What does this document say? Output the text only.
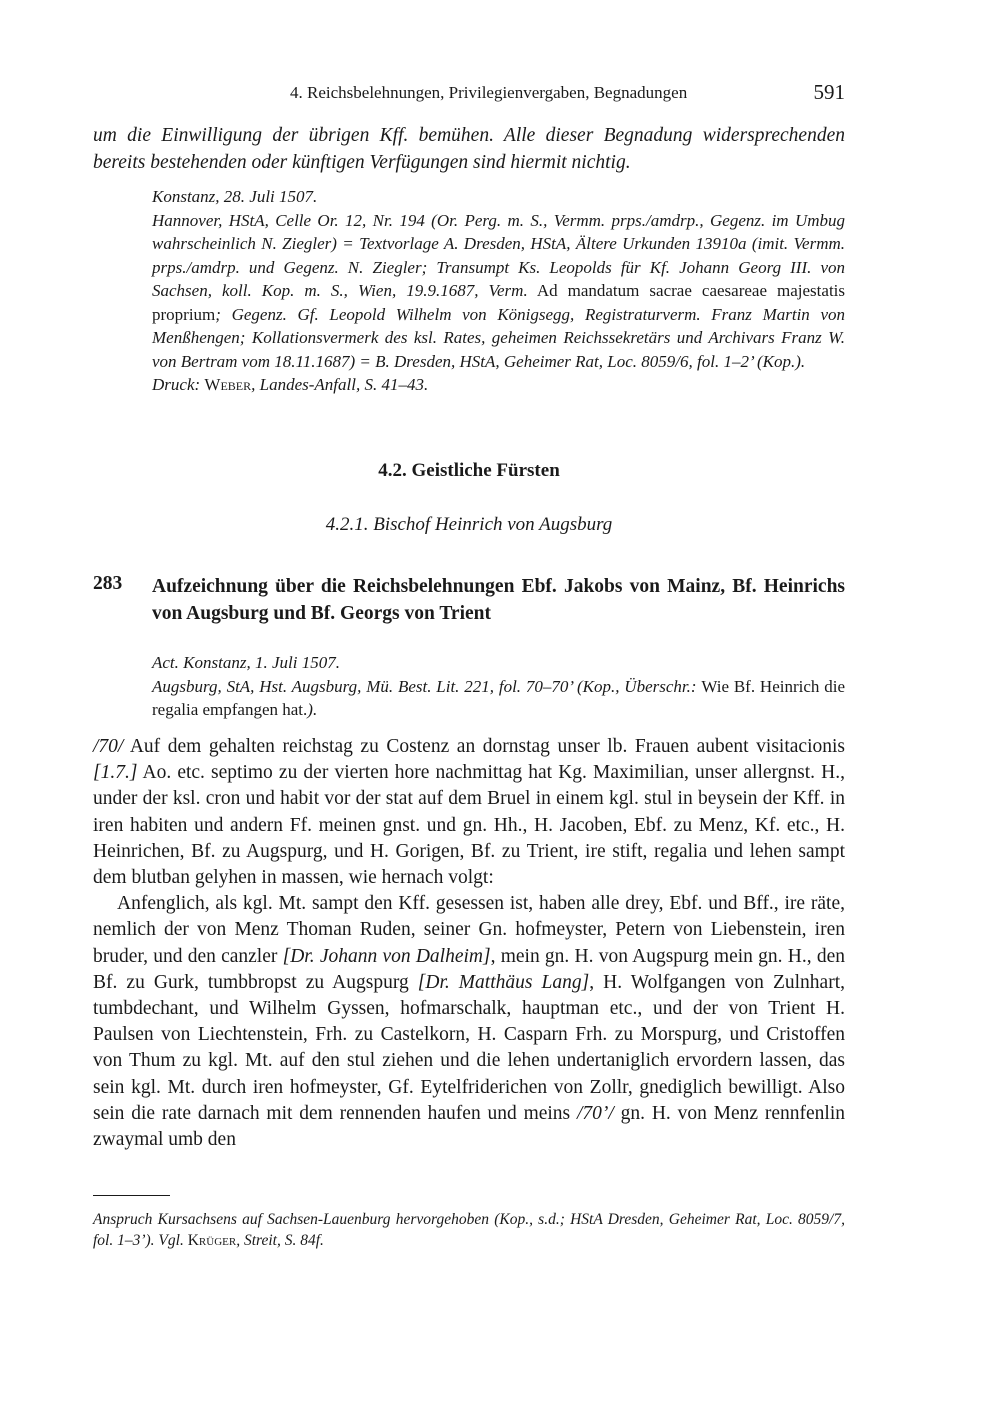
4. Reichsbelehnungen, Privilegienvergaben, Begnadungen	591
um die Einwilligung der übrigen Kff. bemühen. Alle dieser Begnadung widersprechenden bereits bestehenden oder künftigen Verfügungen sind hiermit nichtig.

Konstanz, 28. Juli 1507.

Hannover, HStA, Celle Or. 12, Nr. 194 (Or. Perg. m. S., Vermm. prps./amdrp., Gegenz. im Umbug wahrscheinlich N. Ziegler) = Textvorlage A. Dresden, HStA, Ältere Urkunden 13910a (imit. Vermm. prps./amdrp. und Gegenz. N. Ziegler; Transumpt Ks. Leopolds für Kf. Johann Georg III. von Sachsen, koll. Kop. m. S., Wien, 19.9.1687, Verm. Ad mandatum sacrae caesareae majestatis proprium; Gegenz. Gf. Leopold Wilhelm von Königsegg, Registraturverm. Franz Martin von Menßhengen; Kollationsvermerk des ksl. Rates, geheimen Reichssekretärs und Archivars Franz W. von Bertram vom 18.11.1687) = B. Dresden, HStA, Geheimer Rat, Loc. 8059/6, fol. 1–2’ (Kop.).

Druck: Weber, Landes-Anfall, S. 41–43.

4.2. Geistliche Fürsten
4.2.1. Bischof Heinrich von Augsburg
283	Aufzeichnung über die Reichsbelehnungen Ebf. Jakobs von Mainz, Bf. Heinrichs von Augsburg und Bf. Georgs von Trient

Act. Konstanz, 1. Juli 1507.

Augsburg, StA, Hst. Augsburg, Mü. Best. Lit. 221, fol. 70–70’ (Kop., Überschr.: Wie Bf. Heinrich die regalia empfangen hat.).

/70/ Auf dem gehalten reichstag zu Costenz an dornstag unser lb. Frauen aubent visitacionis [1.7.] Ao. etc. septimo zu der vierten hore nachmittag hat Kg. Maximilian, unser allergnst. H., under der ksl. cron und habit vor der stat auf dem Bruel in einem kgl. stul in beysein der Kff. in iren habiten und andern Ff. meinen gnst. und gn. Hh., H. Jacoben, Ebf. zu Menz, Kf. etc., H. Heinrichen, Bf. zu Augspurg, und H. Gorigen, Bf. zu Trient, ire stift, regalia und lehen sampt dem blutban gelyhen in massen, wie hernach volgt:

Anfenglich, als kgl. Mt. sampt den Kff. gesessen ist, haben alle drey, Ebf. und Bff., ire räte, nemlich der von Menz Thoman Ruden, seiner Gn. hofmeyster, Petern von Liebenstein, iren bruder, und den canzler [Dr. Johann von Dalheim], mein gn. H. von Augspurg mein gn. H., den Bf. zu Gurk, tumbbropst zu Augspurg [Dr. Matthäus Lang], H. Wolfgangen von Zulnhart, tumbdechant, und Wilhelm Gyssen, hofmarschalk, hauptman etc., und der von Trient H. Paulsen von Liechtenstein, Frh. zu Castelkorn, H. Casparn Frh. zu Morspurg, und Cristoffen von Thum zu kgl. Mt. auf den stul ziehen und die lehen undertaniglich ervordern lassen, das sein kgl. Mt. durch iren hofmeyster, Gf. Eytelfriderichen von Zollr, gnediglich bewilligt. Also sein die rate darnach mit dem rennenden haufen und meins /70’/ gn. H. von Menz rennfenlin zwaymal umb den

Anspruch Kursachsens auf Sachsen-Lauenburg hervorgehoben (Kop., s.d.; HStA Dresden, Geheimer Rat, Loc. 8059/7, fol. 1–3’). Vgl. Krüger, Streit, S. 84f.
